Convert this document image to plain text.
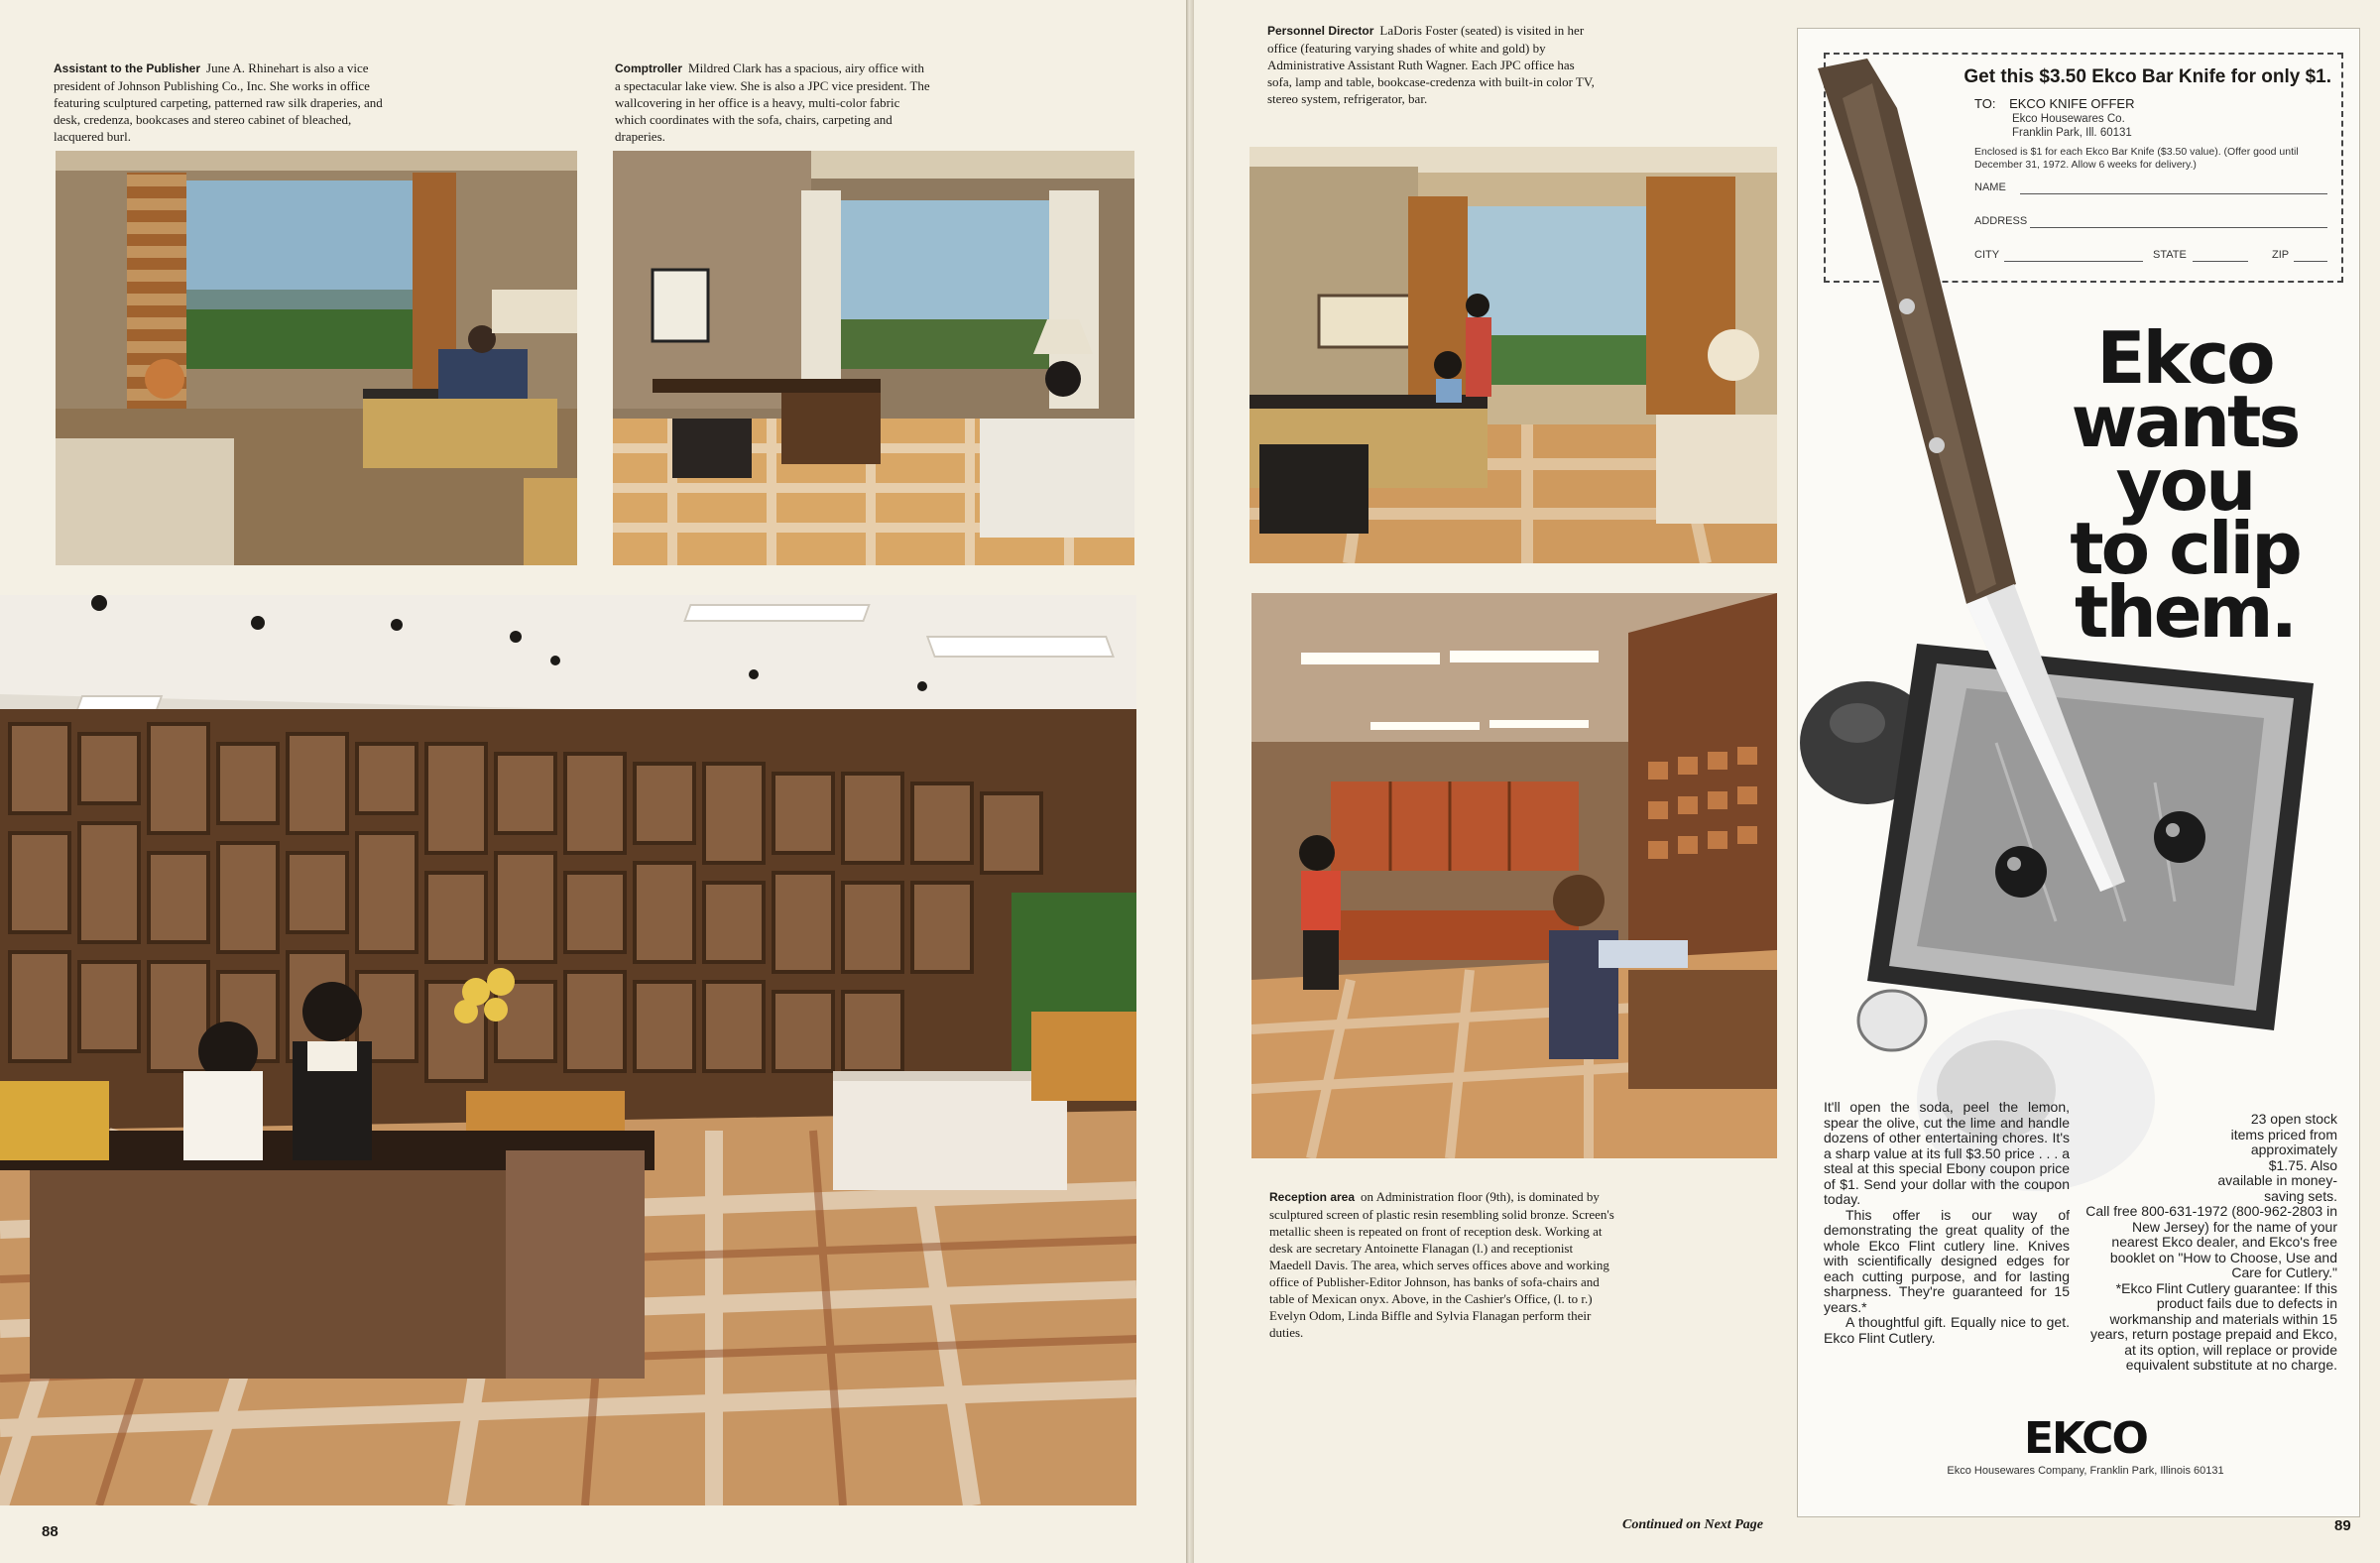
Assistant to the Publisher June A. Rhinehart is also a vice president of Johnson Publishing Co., Inc. She works in office featuring sculptured carpeting, patterned raw silk draperies, and desk, credenza, bookcases and stereo cabinet of bleached, lacquered burl.
Comptroller Mildred Clark has a spacious, airy office with a spectacular lake view. She is also a JPC vice president. The wallcovering in her office is a heavy, multi-color fabric which coordinates with the sofa, chairs, carpeting and draperies.
88
Personnel Director LaDoris Foster (seated) is visited in her office (featuring varying shades of white and gold) by Administrative Assistant Ruth Wagner. Each JPC office has sofa, lamp and table, bookcase-credenza with built-in color TV, stereo system, refrigerator, bar.
Reception area on Administration floor (9th), is dominated by sculptured screen of plastic resin resembling solid bronze. Screen's metallic sheen is repeated on front of reception desk. Working at desk are secretary Antoinette Flanagan (l.) and receptionist Maedell Davis. The area, which serves offices above and working office of Publisher-Editor Johnson, has banks of sofa-chairs and table of Mexican onyx. Above, in the Cashier's Office, (l. to r.) Evelyn Odom, Linda Biffle and Sylvia Flanagan perform their duties.
Continued on Next Page	89
Get this $3.50 Ekco Bar Knife for only $1.
TO: EKCO KNIFE OFFER
Ekco Housewares Co.
Franklin Park, Ill. 60131
Enclosed is $1 for each Ekco Bar Knife ($3.50 value). (Offer good until December 31, 1972. Allow 6 weeks for delivery.)
NAME
ADDRESS
CITY	STATE	ZIP
Ekco
wants you
to clip
them.
It'll open the soda, peel the lemon, spear the olive, cut the lime and handle dozens of other entertaining chores. It's a sharp value at its full $3.50 price . . . a steal at this special Ebony coupon price of $1. Send your dollar with the coupon today.
This offer is our way of demonstrating the great quality of the whole Ekco Flint cutlery line. Knives with scientifically designed edges for each cutting purpose, and for lasting sharpness. They're guaranteed for 15 years.*
A thoughtful gift. Equally nice to get. Ekco Flint Cutlery.
23 open stock items priced from approximately $1.75. Also available in money-saving sets.
Call free 800-631-1972 (800-962-2803 in New Jersey) for the name of your nearest Ekco dealer, and Ekco's free booklet on "How to Choose, Use and Care for Cutlery."
*Ekco Flint Cutlery guarantee: If this product fails due to defects in workmanship and materials within 15 years, return postage prepaid and Ekco, at its option, will replace or provide equivalent substitute at no charge.
EKCO
Ekco Housewares Company, Franklin Park, Illinois 60131
